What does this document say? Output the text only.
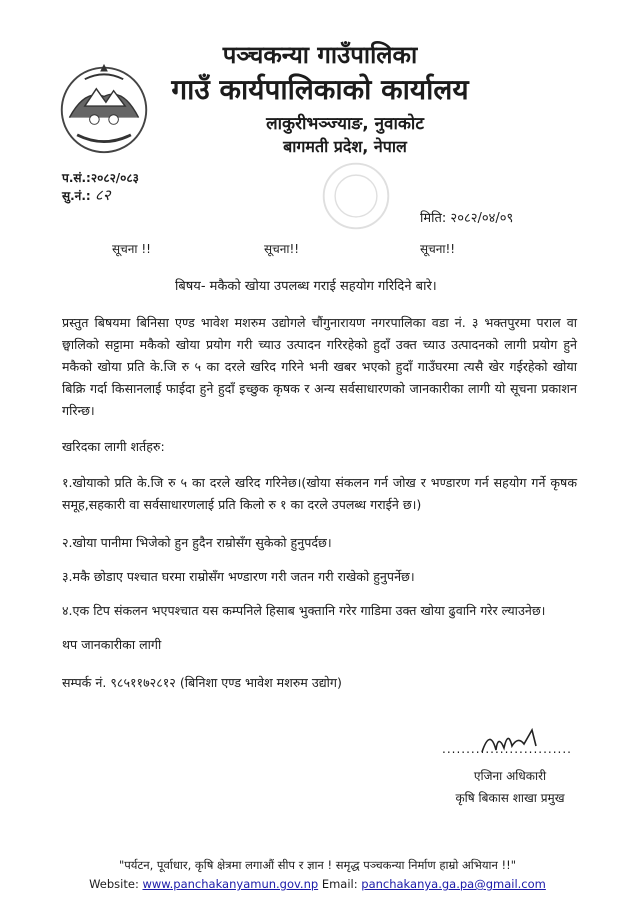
पञ्चकन्या गाउँपालिका
गाउँ कार्यपालिकाको कार्यालय
लाकुरीभञ्ज्याङ, नुवाकोट
बागमती प्रदेश, नेपाल
प.सं.:२०८२/०८३
सु.नं.: ८२
मिति: २०८२/०४/०९
सूचना !!	सूचना!!	सूचना!!
बिषय- मकैको खोया उपलब्ध गराई सहयोग गरिदिने बारे।
प्रस्तुत बिषयमा बिनिसा एण्ड भावेश मशरुम उद्योगले चौंगुनारायण नगरपालिका वडा नं. ३ भक्तपुरमा पराल वा छ्वालिको सट्टामा मकैको खोया प्रयोग गरी च्याउ उत्पादन गरिरहेको हुदाँ उक्त च्याउ उत्पादनको लागी प्रयोग हुने मकैको खोया प्रति के.जि रु ५ का दरले खरिद गरिने भनी खबर भएको हुदाँ गाउँघरमा त्यसै खेर गईरहेको खोया बिक्रि गर्दा किसानलाई फाईदा हुने हुदाँ इच्छुक कृषक र अन्य सर्वसाधारणको जानकारीका लागी यो सूचना प्रकाशन गरिन्छ।
खरिदका लागी शर्तहरु:
१.खोयाको प्रति के.जि रु ५ का दरले खरिद गरिनेछ।(खोया संकलन गर्न जोख र भण्डारण गर्न सहयोग गर्ने कृषक समूह,सहकारी वा सर्वसाधारणलाई प्रति किलो रु १ का दरले उपलब्ध गराईने छ।)
२.खोया पानीमा भिजेको हुन हुदैन राम्रोसँग सुकेको हुनुपर्दछ।
३.मकै छोडाए पश्चात घरमा राम्रोसँग भण्डारण गरी जतन गरी राखेको हुनुपर्नेछ।
४.एक टिप संकलन भएपश्चात यस कम्पनिले हिसाब भुक्तानि गरेर गाडिमा उक्त खोया ढुवानि गरेर ल्याउनेछ।
थप जानकारीका लागी
सम्पर्क नं. ९८५११७२८१२ (बिनिशा एण्ड भावेश मशरुम उद्योग)
...........................
एजिना अधिकारी
कृषि बिकास शाखा प्रमुख
"पर्यटन, पूर्वाधार, कृषि क्षेत्रमा लगाऔं सीप र ज्ञान ! समृद्ध पञ्चकन्या निर्माण हाम्रो अभियान !!"
Website: www.panchakanyamun.gov.np Email: panchakanya.ga.pa@gmail.com
